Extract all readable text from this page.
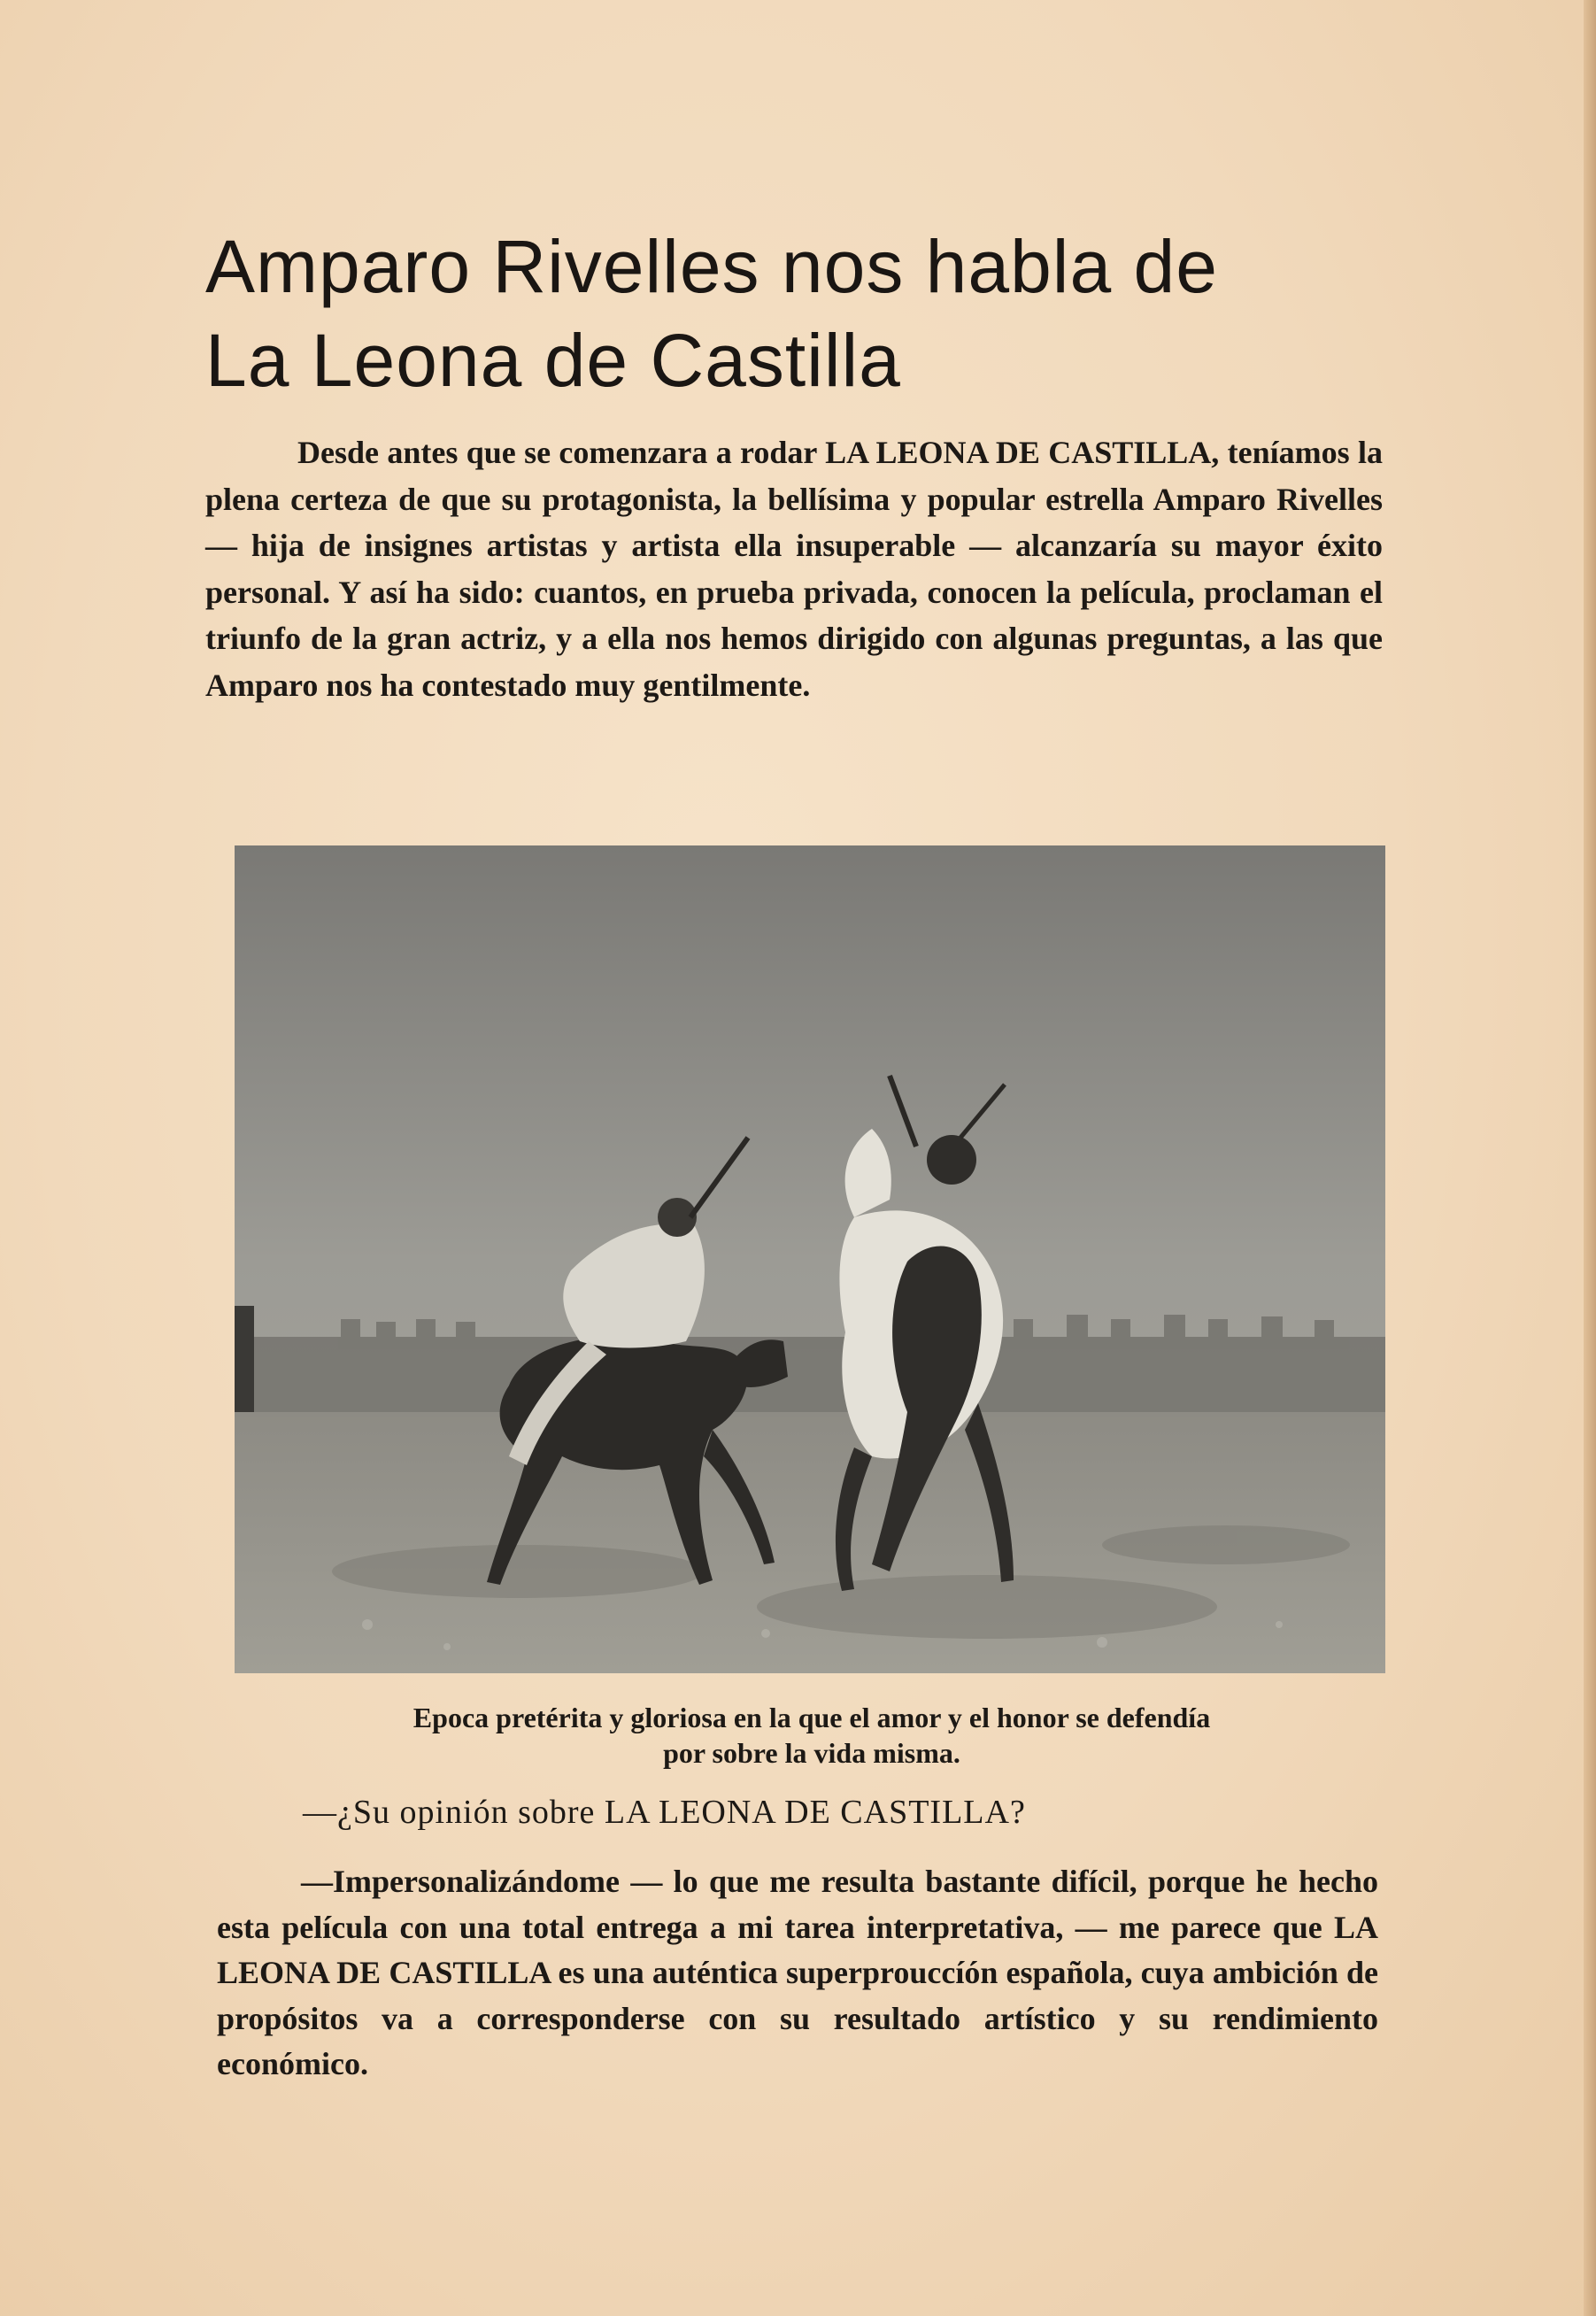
Amparo Rivelles nos habla de
La Leona de Castilla

Desde antes que se comenzara a rodar LA LEONA DE CASTILLA, teníamos la plena certeza de que su protagonista, la bellísima y popular estrella Amparo Rivelles — hija de insignes artistas y artista ella insuperable — alcanzaría su mayor éxito personal. Y así ha sido: cuantos, en prueba privada, conocen la película, proclaman el triunfo de la gran actriz, y a ella nos hemos dirigido con algunas preguntas, a las que Amparo nos ha contestado muy gentilmente.

Epoca pretérita y gloriosa en la que el amor y el honor se defendía
por sobre la vida misma.

—¿Su opinión sobre LA LEONA DE CASTILLA?

—Impersonalizándome — lo que me resulta bastante difícil, porque he hecho esta película con una total entrega a mi tarea interpretativa, — me parece que LA LEONA DE CASTILLA es una auténtica superprouccíón española, cuya ambición de propósitos va a corresponderse con su resultado artístico y su rendimiento económico.
